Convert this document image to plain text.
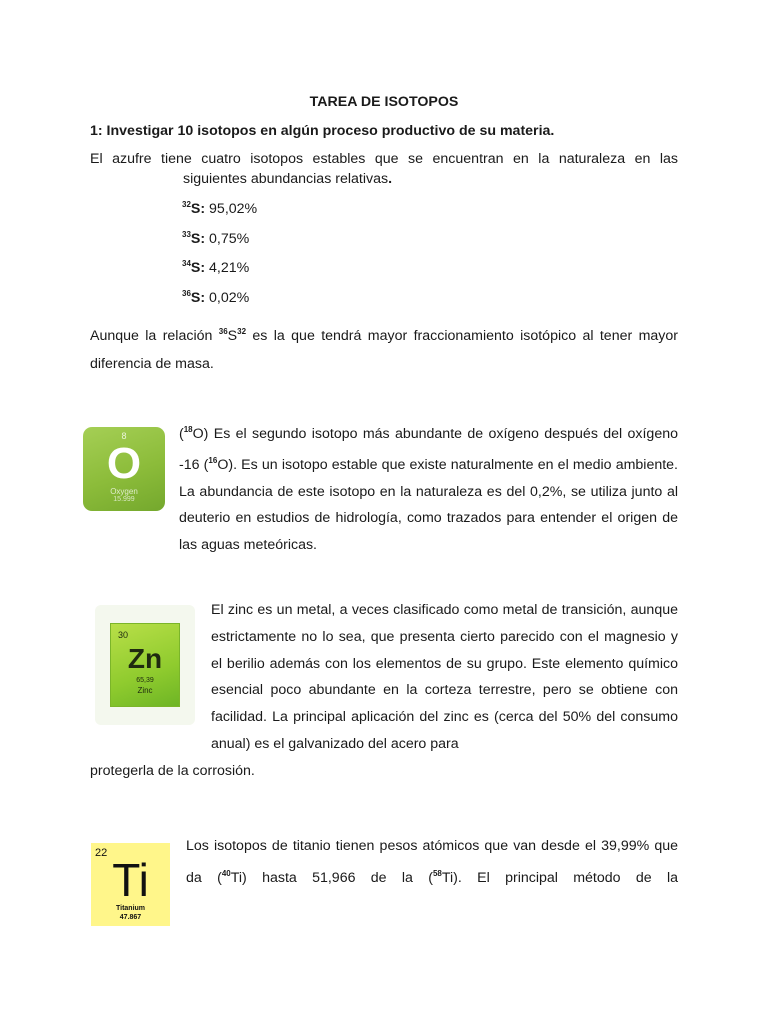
TAREA DE ISOTOPOS
1: Investigar 10 isotopos en algún proceso productivo de su materia.
El azufre tiene cuatro isotopos estables que se encuentran en la naturaleza en las
siguientes abundancias relativas.
$^{32}$S: 95,02%
$^{33}$S: 0,75%
$^{34}$S: 4,21%
$^{36}$S: 0,02%
Aunque la relación $^{36}S^{32}$ es la que tendrá mayor fraccionamiento isotópico al tener mayor diferencia de masa.
8
O
Oxygen
15.999
($^{18}$O) Es el segundo isotopo más abundante de oxígeno después del oxígeno -16 ($^{16}$O). Es un isotopo estable que existe naturalmente en el medio ambiente. La abundancia de este isotopo en la naturaleza es del 0,2%, se utiliza junto al deuterio en estudios de hidrología, como trazados para entender el origen de las aguas meteóricas.
30
Zn
65,39
Zinc
El zinc es un metal, a veces clasificado como metal de transición, aunque estrictamente no lo sea, que presenta cierto parecido con el magnesio y el berilio además con los elementos de su grupo. Este elemento químico esencial poco abundante en la corteza terrestre, pero se obtiene con facilidad. La principal aplicación del zinc es (cerca del 50% del consumo anual) es el galvanizado del acero para
protegerla de la corrosión.
22
Ti
Titanium
47.867
Los isotopos de titanio tienen pesos atómicos que van desde el 39,99% que da ($^{40}$Ti) hasta 51,966 de la ($^{58}$Ti). El principal método de la
